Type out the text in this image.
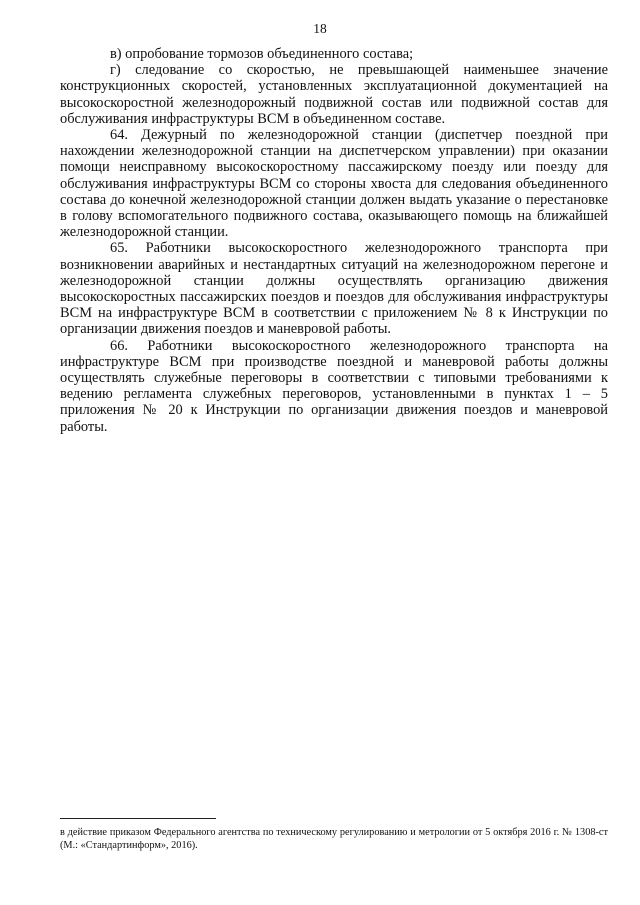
18

в) опробование тормозов объединенного состава;

г) следование со скоростью, не превышающей наименьшее значение конструкционных скоростей, установленных эксплуатационной документацией на высокоскоростной железнодорожный подвижной состав или подвижной состав для обслуживания инфраструктуры ВСМ в объединенном составе.

64. Дежурный по железнодорожной станции (диспетчер поездной при нахождении железнодорожной станции на диспетчерском управлении) при оказании помощи неисправному высокоскоростному пассажирскому поезду или поезду для обслуживания инфраструктуры ВСМ со стороны хвоста для следования объединенного состава до конечной железнодорожной станции должен выдать указание о перестановке в голову вспомогательного подвижного состава, оказывающего помощь на ближайшей железнодорожной станции.

65. Работники высокоскоростного железнодорожного транспорта при возникновении аварийных и нестандартных ситуаций на железнодорожном перегоне и железнодорожной станции должны осуществлять организацию движения высокоскоростных пассажирских поездов и поездов для обслуживания инфраструктуры ВСМ на инфраструктуре ВСМ в соответствии с приложением № 8 к Инструкции по организации движения поездов и маневровой работы.

66. Работники высокоскоростного железнодорожного транспорта на инфраструктуре ВСМ при производстве поездной и маневровой работы должны осуществлять служебные переговоры в соответствии с типовыми требованиями к ведению регламента служебных переговоров, установленными в пунктах 1 – 5 приложения № 20 к Инструкции по организации движения поездов и маневровой работы.

в действие приказом Федерального агентства по техническому регулированию и метрологии от 5 октября 2016 г. № 1308-ст (М.: «Стандартинформ», 2016).
